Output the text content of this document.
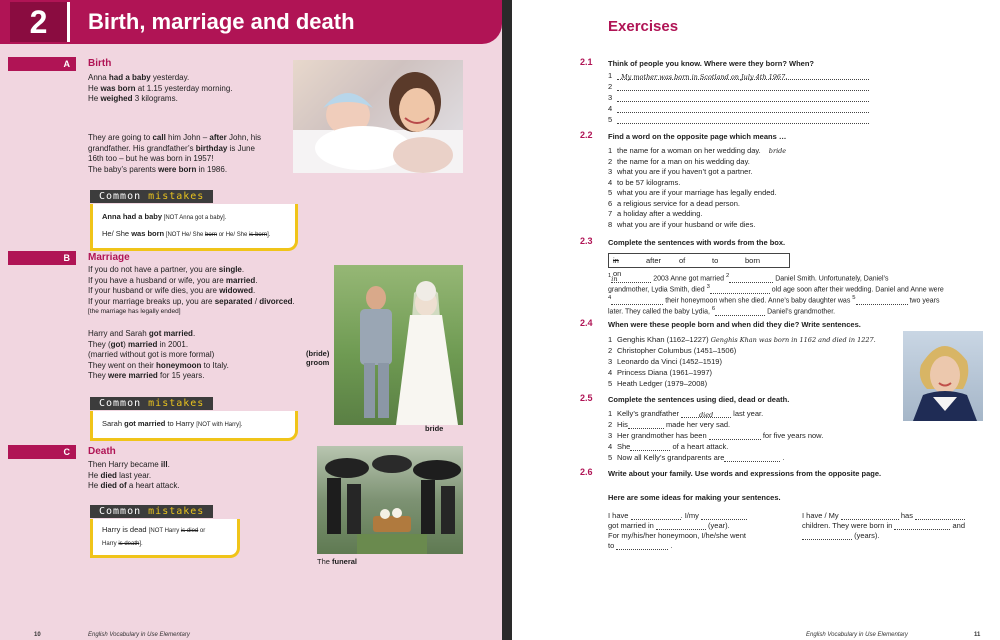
2	Birth, marriage and death
A	Birth
Anna had a baby yesterday.
He was born at 1.15 yesterday morning.
He weighed 3 kilograms.
They are going to call him John – after John, his
grandfather. His grandfather’s birthday is June
16th too – but he was born in 1957!
The baby’s parents were born in 1986.
Common mistakes
Anna had a baby [NOT Anna got a baby].
He/ She was born [NOT He/ She born or He/ She is born].
B	Marriage
If you do not have a partner, you are single.
If you have a husband or wife, you are married.
If your husband or wife dies, you are widowed.
If your marriage breaks up, you are separated / divorced.
[the marriage has legally ended]
Harry and Sarah got married.
They (got) married in 2001.
(married without got is more formal)
They went on their honeymoon to Italy.
They were married for 15 years.
Common mistakes
Sarah got married to Harry [NOT with Harry].
(bride)
groom
bride
C	Death
Then Harry became ill.
He died last year.
He died of a heart attack.
Common mistakes
Harry is dead [NOT Harry is died or
Harry is death].
The funeral
10	English Vocabulary in Use Elementary
Exercises
2.1 Think of people you know. Where were they born? When?
1 My mother was born in Scotland on July 4th 1967.
2
3
4
5
2.2 Find a word on the opposite page which means …
1 the name for a woman on her wedding day. bride
2 the name for a man on his wedding day.
3 what you are if you haven’t got a partner.
4 to be 57 kilograms.
5 what you are if your marriage has legally ended.
6 a religious service for a dead person.
7 a holiday after a wedding.
8 what you are if your husband or wife dies.
2.3 Complete the sentences with words from the box.
in	after of	to	bornon
$^1$in	2003 Anne got married $^2$	Daniel Smith. Unfortunately, Daniel’s
grandmother, Lydia Smith, died $^3$	old age soon after their wedding. Daniel and Anne were
$^4$	their honeymoon when she died. Anne’s baby daughter was $^5$	two years
later. They called the baby Lydia, $^6$	Daniel’s grandmother.
2.4 When were these people born and when did they die? Write sentences.
1 Genghis Khan (1162–1227) Genghis Khan was born in 1162 and died in 1227.
2 Christopher Columbus (1451–1506)
3 Leonardo da Vinci (1452–1519)
4 Princess Diana (1961–1997)
5 Heath Ledger (1979–2008)
2.5 Complete the sentences using died, dead or death.
1 Kelly’s grandfather	died	last year.
2 His	made her very sad.
3 Her grandmother has been	for five years now.
4 She	of a heart attack.
5 Now all Kelly’s grandparents are	.
2.6 Write about your family. Use words and expressions from the opposite page.
Here are some ideas for making your sentences.
I have	. I/my
got married in	(year).
For my/his/her honeymoon, I/he/she went
to	.
I have / My	has
children. They were born in	and
(years).
English Vocabulary in Use Elementary	11
